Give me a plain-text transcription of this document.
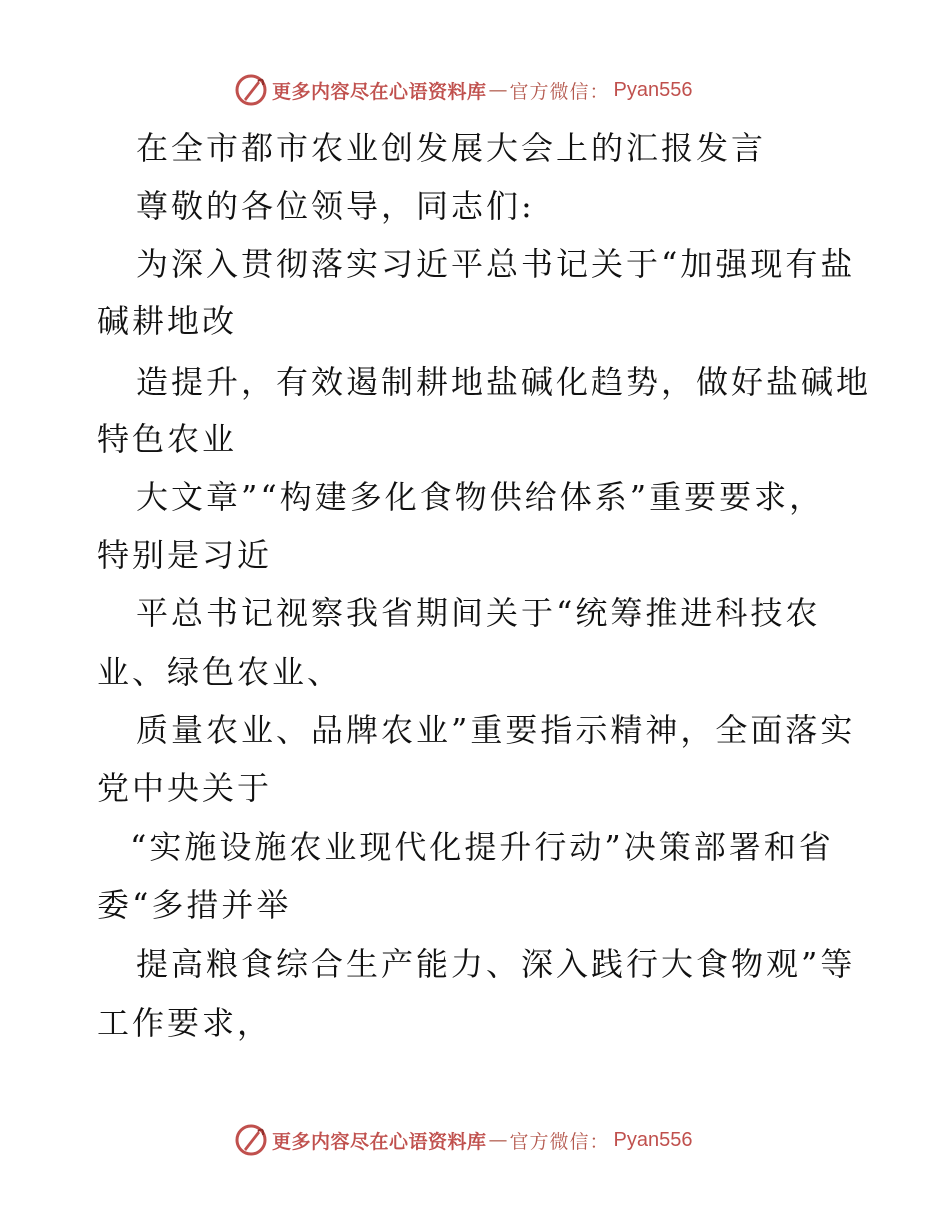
更多内容尽在心语资料库 — 官方微信： Pyan556
在全市都市农业创发展大会上的汇报发言
尊敬的各位领导，同志们:
为深入贯彻落实习近平总书记关于“加强现有盐
碱耕地改
造提升，有效遏制耕地盐碱化趋势，做好盐碱地
特色农业
大文章”“构建多化食物供给体系”重要要求，
特别是习近
平总书记视察我省期间关于“统筹推进科技农
业、绿色农业、
质量农业、品牌农业”重要指示精神，全面落实
党中央关于
“实施设施农业现代化提升行动”决策部署和省
委“多措并举
提高粮食综合生产能力、深入践行大食物观”等
工作要求，
更多内容尽在心语资料库 — 官方微信： Pyan556
